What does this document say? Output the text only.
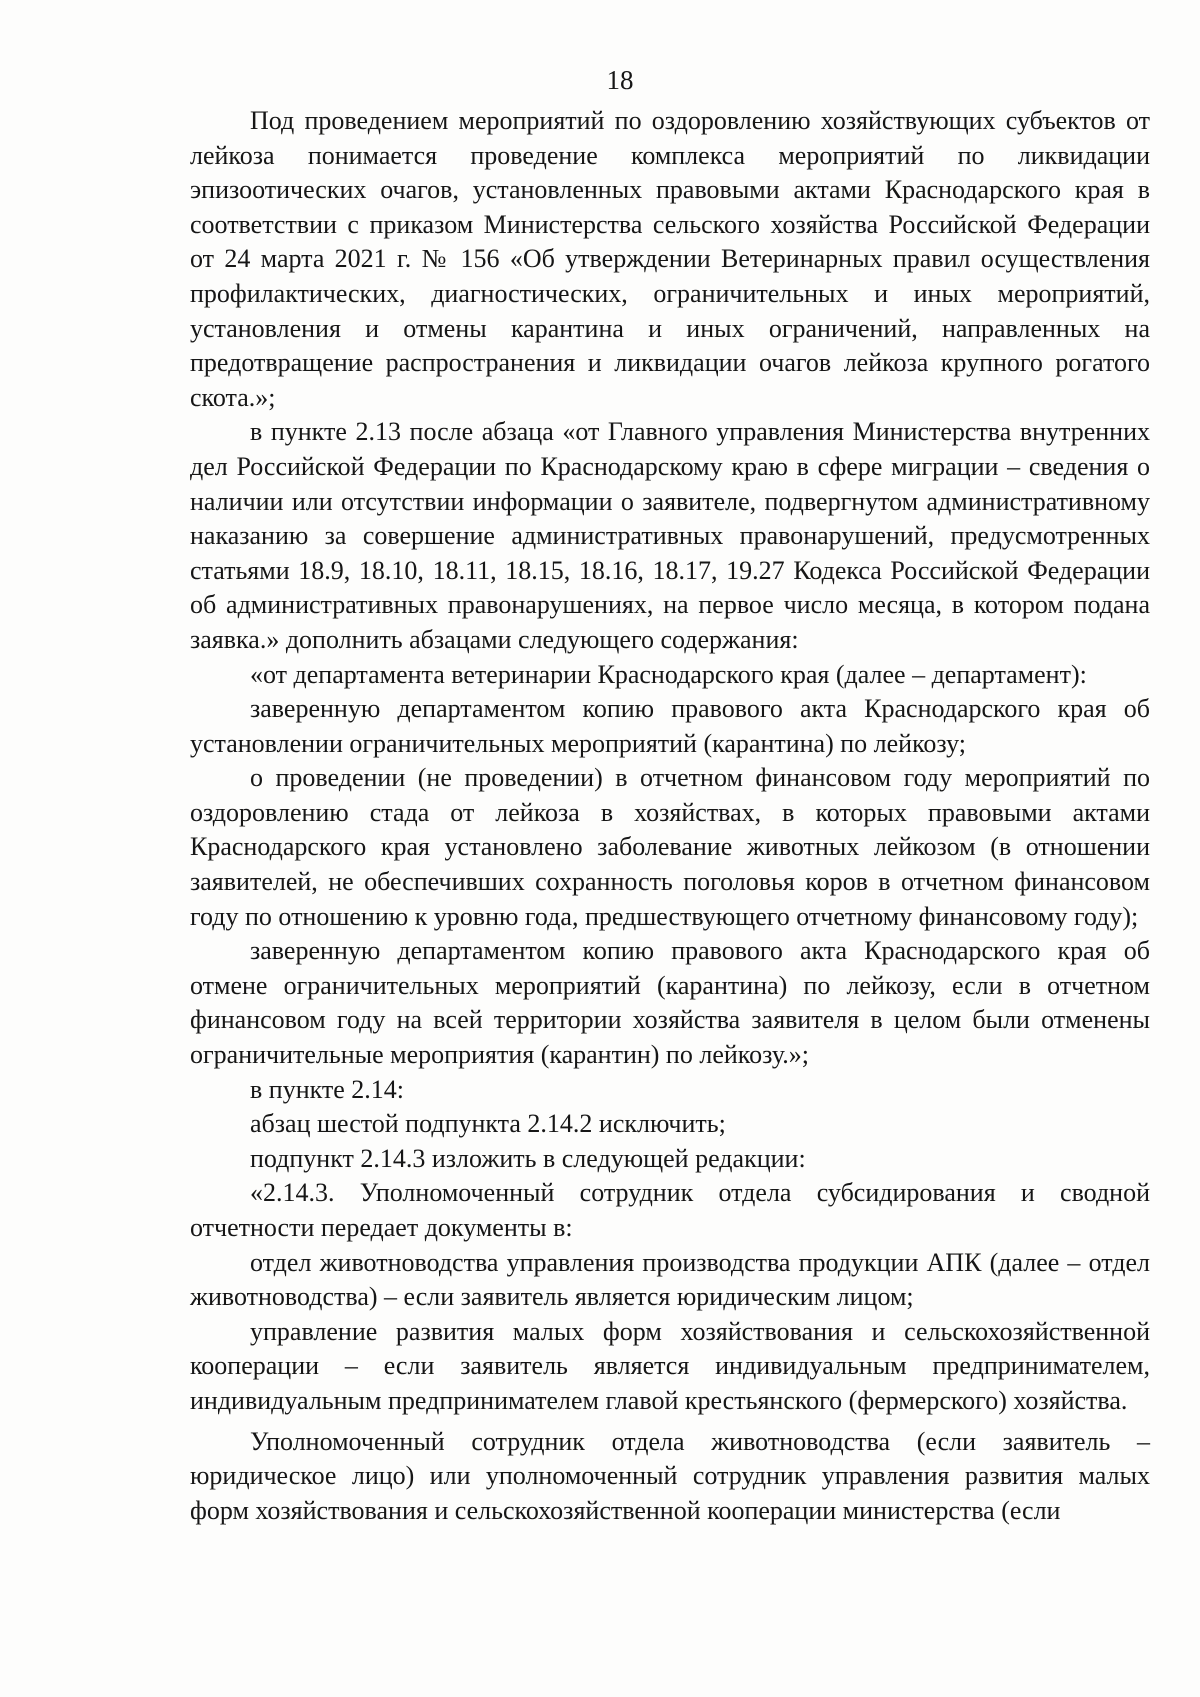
18

Под проведением мероприятий по оздоровлению хозяйствующих субъектов от лейкоза понимается проведение комплекса мероприятий по ликвидации эпизоотических очагов, установленных правовыми актами Краснодарского края в соответствии с приказом Министерства сельского хозяйства Российской Федерации от 24 марта 2021 г. № 156 «Об утверждении Ветеринарных правил осуществления профилактических, диагностических, ограничительных и иных мероприятий, установления и отмены карантина и иных ограничений, направленных на предотвращение распространения и ликвидации очагов лейкоза крупного рогатого скота.»;

в пункте 2.13 после абзаца «от Главного управления Министерства внутренних дел Российской Федерации по Краснодарскому краю в сфере миграции – сведения о наличии или отсутствии информации о заявителе, подвергнутом административному наказанию за совершение административных правонарушений, предусмотренных статьями 18.9, 18.10, 18.11, 18.15, 18.16, 18.17, 19.27 Кодекса Российской Федерации об административных правонарушениях, на первое число месяца, в котором подана заявка.» дополнить абзацами следующего содержания:

«от департамента ветеринарии Краснодарского края (далее – департамент):

заверенную департаментом копию правового акта Краснодарского края об установлении ограничительных мероприятий (карантина) по лейкозу;

о проведении (не проведении) в отчетном финансовом году мероприятий по оздоровлению стада от лейкоза в хозяйствах, в которых правовыми актами Краснодарского края установлено заболевание животных лейкозом (в отношении заявителей, не обеспечивших сохранность поголовья коров в отчетном финансовом году по отношению к уровню года, предшествующего отчетному финансовому году);

заверенную департаментом копию правового акта Краснодарского края об отмене ограничительных мероприятий (карантина) по лейкозу, если в отчетном финансовом году на всей территории хозяйства заявителя в целом были отменены ограничительные мероприятия (карантин) по лейкозу.»;

в пункте 2.14:

абзац шестой подпункта 2.14.2 исключить;

подпункт 2.14.3 изложить в следующей редакции:

«2.14.3. Уполномоченный сотрудник отдела субсидирования и сводной отчетности передает документы в:

отдел животноводства управления производства продукции АПК (далее – отдел животноводства) – если заявитель является юридическим лицом;

управление развития малых форм хозяйствования и сельскохозяйственной кооперации – если заявитель является индивидуальным предпринимателем, индивидуальным предпринимателем главой крестьянского (фермерского) хозяйства.

Уполномоченный сотрудник отдела животноводства (если заявитель – юридическое лицо) или уполномоченный сотрудник управления развития малых форм хозяйствования и сельскохозяйственной кооперации министерства (если
